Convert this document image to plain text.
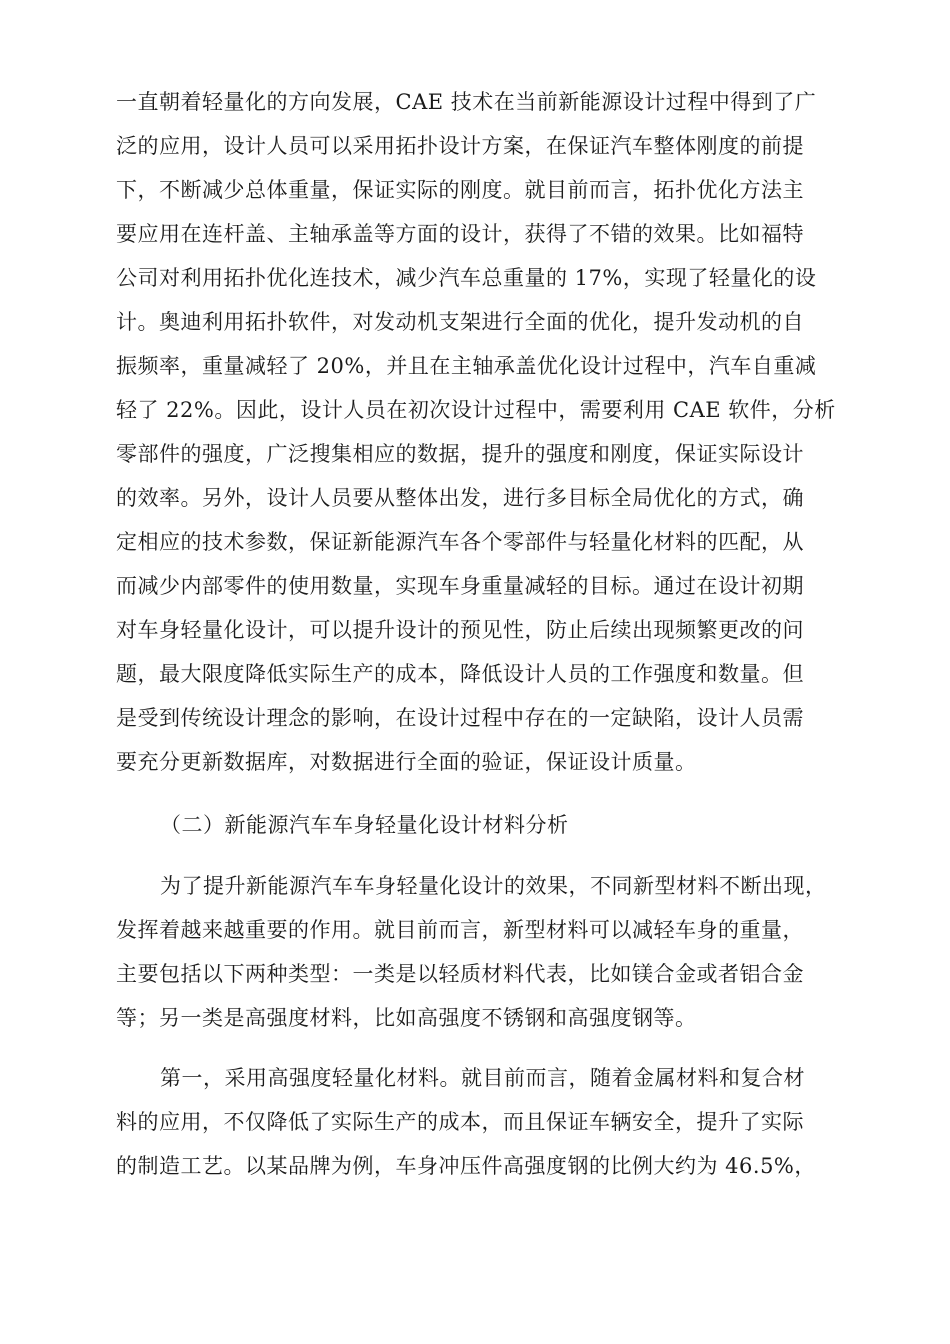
一直朝着轻量化的方向发展，CAE 技术在当前新能源设计过程中得到了广
泛的应用，设计人员可以采用拓扑设计方案，在保证汽车整体刚度的前提
下，不断减少总体重量，保证实际的刚度。就目前而言，拓扑优化方法主
要应用在连杆盖、主轴承盖等方面的设计，获得了不错的效果。比如福特
公司对利用拓扑优化连技术，减少汽车总重量的 17%，实现了轻量化的设
计。奥迪利用拓扑软件，对发动机支架进行全面的优化，提升发动机的自
振频率，重量减轻了 20%，并且在主轴承盖优化设计过程中，汽车自重减
轻了 22%。因此，设计人员在初次设计过程中，需要利用 CAE 软件，分析
零部件的强度，广泛搜集相应的数据，提升的强度和刚度，保证实际设计
的效率。另外，设计人员要从整体出发，进行多目标全局优化的方式，确
定相应的技术参数，保证新能源汽车各个零部件与轻量化材料的匹配，从
而减少内部零件的使用数量，实现车身重量减轻的目标。通过在设计初期
对车身轻量化设计，可以提升设计的预见性，防止后续出现频繁更改的问
题，最大限度降低实际生产的成本，降低设计人员的工作强度和数量。但
是受到传统设计理念的影响，在设计过程中存在的一定缺陷，设计人员需
要充分更新数据库，对数据进行全面的验证，保证设计质量。
（二）新能源汽车车身轻量化设计材料分析
为了提升新能源汽车车身轻量化设计的效果，不同新型材料不断出现，
发挥着越来越重要的作用。就目前而言，新型材料可以减轻车身的重量，
主要包括以下两种类型：一类是以轻质材料代表，比如镁合金或者铝合金
等；另一类是高强度材料，比如高强度不锈钢和高强度钢等。
第一，采用高强度轻量化材料。就目前而言，随着金属材料和复合材
料的应用，不仅降低了实际生产的成本，而且保证车辆安全，提升了实际
的制造工艺。以某品牌为例，车身冲压件高强度钢的比例大约为 46.5%，
